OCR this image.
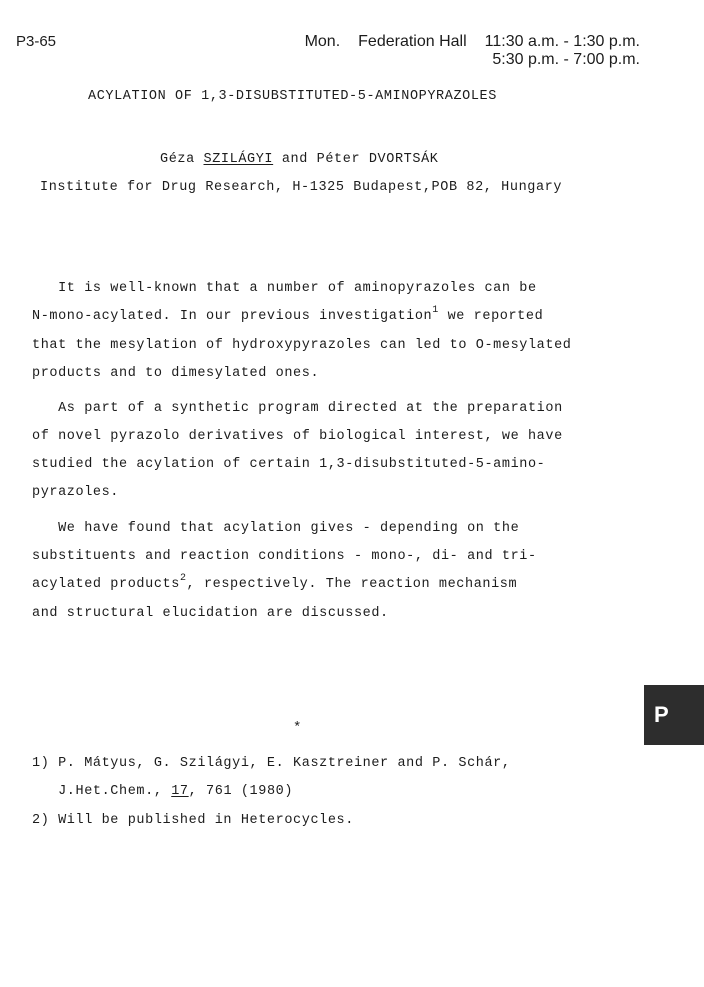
P3-65	Mon. Federation Hall 11:30 a.m. - 1:30 p.m.
5:30 p.m. - 7:00 p.m.
ACYLATION OF 1,3-DISUBSTITUTED-5-AMINOPYRAZOLES
Géza SZILÁGYI and Péter DVORTSÁK
Institute for Drug Research, H-1325 Budapest,POB 82, Hungary
It is well-known that a number of aminopyrazoles can be
N-mono-acylated. In our previous investigation$^1$ we reported
that the mesylation of hydroxypyrazoles can led to O-mesylated
products and to dimesylated ones.
As part of a synthetic program directed at the preparation
of novel pyrazolo derivatives of biological interest, we have
studied the acylation of certain 1,3-disubstituted-5-amino-
pyrazoles.
We have found that acylation gives - depending on the
substituents and reaction conditions - mono-, di- and tri-
acylated products$^2$, respectively. The reaction mechanism
and structural elucidation are discussed.
*
P
1) P. Mátyus, G. Szilágyi, E. Kasztreiner and P. Schár,
J.Het.Chem., 17, 761 (1980)
2) Will be published in Heterocycles.
